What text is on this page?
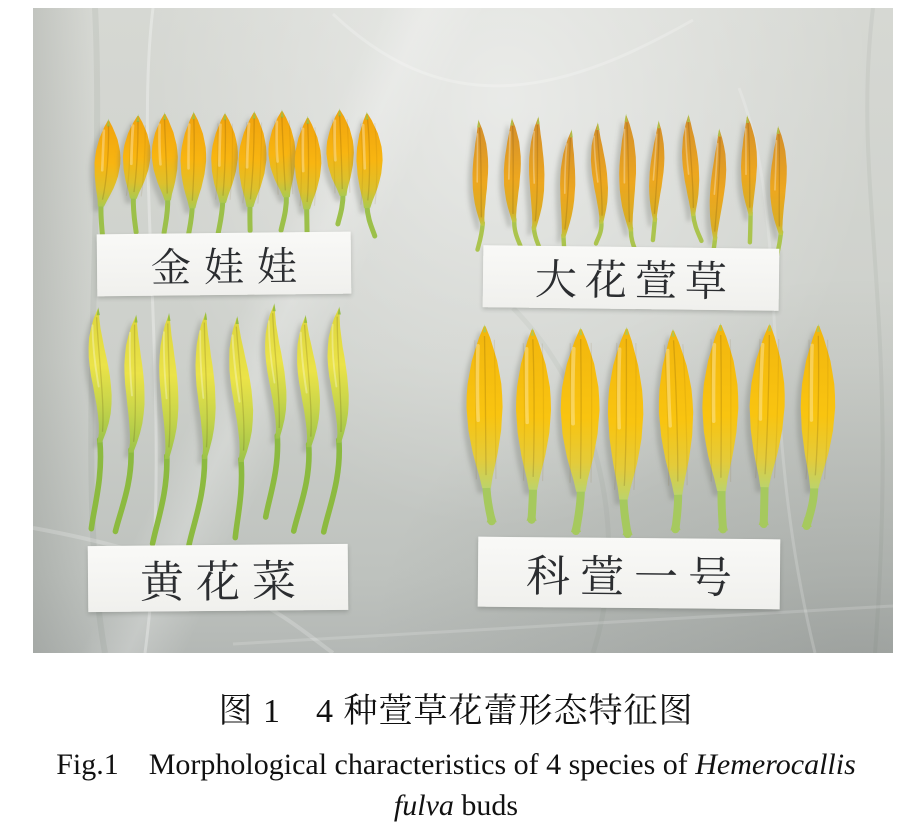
金娃娃	大花萱草
黄花菜	科萱一号
图 1　4 种萱草花蕾形态特征图
Fig.1　Morphological characteristics of 4 species of Hemerocallis
fulva buds
